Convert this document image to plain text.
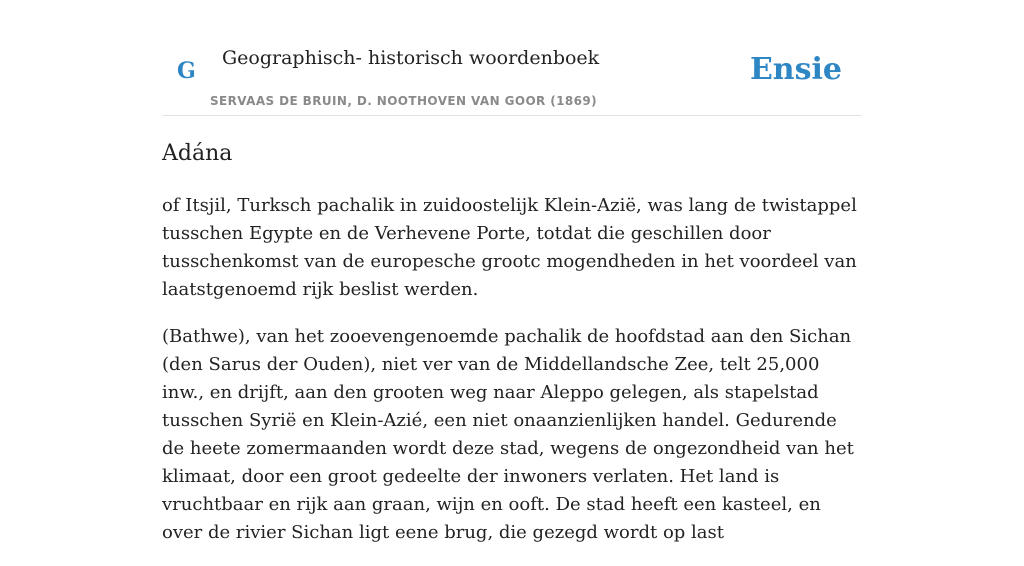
G Geographisch- historisch woordenboek
SERVAAS DE BRUIN, D. NOOTHOVEN VAN GOOR (1869)
Ensie
Adána

of Itsjil, Turksch pachalik in zuidoostelijk Klein-Azië, was lang de twistappel tusschen Egypte en de Verhevene Porte, totdat die geschillen door tusschenkomst van de europesche grootc mogendheden in het voordeel van laatstgenoemd rijk beslist werden.

(Bathwe), van het zooevengenoemde pachalik de hoofdstad aan den Sichan (den Sarus der Ouden), niet ver van de Middellandsche Zee, telt 25,000 inw., en drijft, aan den grooten weg naar Aleppo gelegen, als stapelstad tusschen Syrië en Klein-Azié, een niet onaanzienlijken handel. Gedurende de heete zomermaanden wordt deze stad, wegens de ongezondheid van het klimaat, door een groot gedeelte der inwoners verlaten. Het land is vruchtbaar en rijk aan graan, wijn en ooft. De stad heeft een kasteel, en over de rivier Sichan ligt eene brug, die gezegd wordt op last
